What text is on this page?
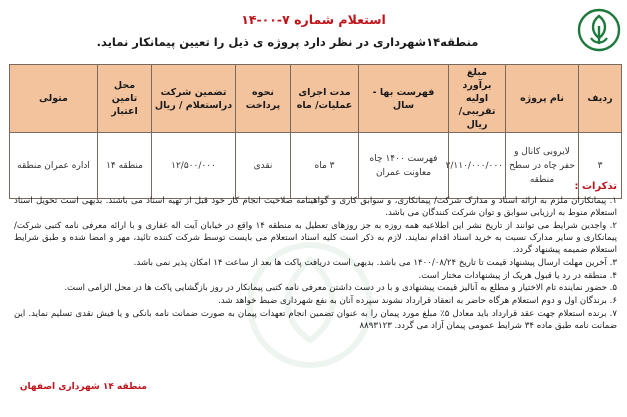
استعلام شماره ۷-۰۰-۱۴
منطقه۱۴شهرداری در نظر دارد پروژه ی ذیل را تعیین پیمانکار نماید.
ردیف	نام پروژه	مبلغ برآورد اولیه تقریبی/ ریال	فهرست بها - سال	مدت اجرای عملیات/ ماه	نحوه پرداخت	تضمین شرکت دراستعلام / ریال	محل تامین اعتبار	متولی
۳	لایروبی کانال و حفر چاه در سطح منطقه	۲/۱۱۰/۰۰۰/۰۰۰	فهرست ۱۴۰۰ چاه معاونت عمران	۳ ماه	نقدی	۱۲/۵۰۰/۰۰۰	منطقه ۱۴	اداره عمران منطقه
تذکرات :

۱. پیمانکاران ملزم به ارائه اسناد و مدارک شرکت/ پیمانکاری، و سوابق کاری و گواهینامه صلاحیت انجام کار خود قبل از تهیه اسناد می باشند. بدیهی است تحویل اسناد استعلام منوط به ارزیابی سوابق و توان شرکت کنندگان می باشد.

۲. واجدین شرایط می توانند از تاریخ نشر این اطلاعیه همه روزه به جز روزهای تعطیل به منطقه ۱۴ واقع در خیابان آیت اله غفاری و با ارائه معرفی نامه کتبی شرکت/ پیمانکاری و سایر مدارک نسبت به خرید اسناد اقدام نمایند. لازم به ذکر است کلیه اسناد استعلام می بایست توسط شرکت کننده تائید، مهر و امضا شده و طبق شرایط استعلام ضمیمه پیشنهاد گردد.

۳. آخرین مهلت ارسال پیشنهاد قیمت تا تاریخ ۱۴۰۰/۰۸/۲۴ می باشد. بدیهی است دریافت پاکت ها بعد از ساعت ۱۴ امکان پذیر نمی باشد.

۴. منطقه در رد یا قبول هریک از پیشنهادات مختار است.

۵. حضور نماینده تام الاختیار و مطلع به آنالیز قیمت پیشنهادی و با در دست داشتن معرفی نامه کتبی پیمانکار در روز بازگشایی پاکت ها در محل الزامی است.

۶. برندگان اول و دوم استعلام هرگاه حاضر به انعقاد قرارداد نشوند سپرده آنان به نفع شهرداری ضبط خواهد شد.

۷. برنده استعلام جهت عقد قرارداد باید معادل ۵٪ مبلغ مورد پیمان را به عنوان تضمین انجام تعهدات پیمان به صورت ضمانت نامه بانکی و یا فیش نقدی تسلیم نماید. این ضمانت نامه طبق ماده ۳۴ شرایط عمومی پیمان آزاد می گردد. ۸۸۹۳۱۲۳

منطقه ۱۴ شهرداری اصفهان
